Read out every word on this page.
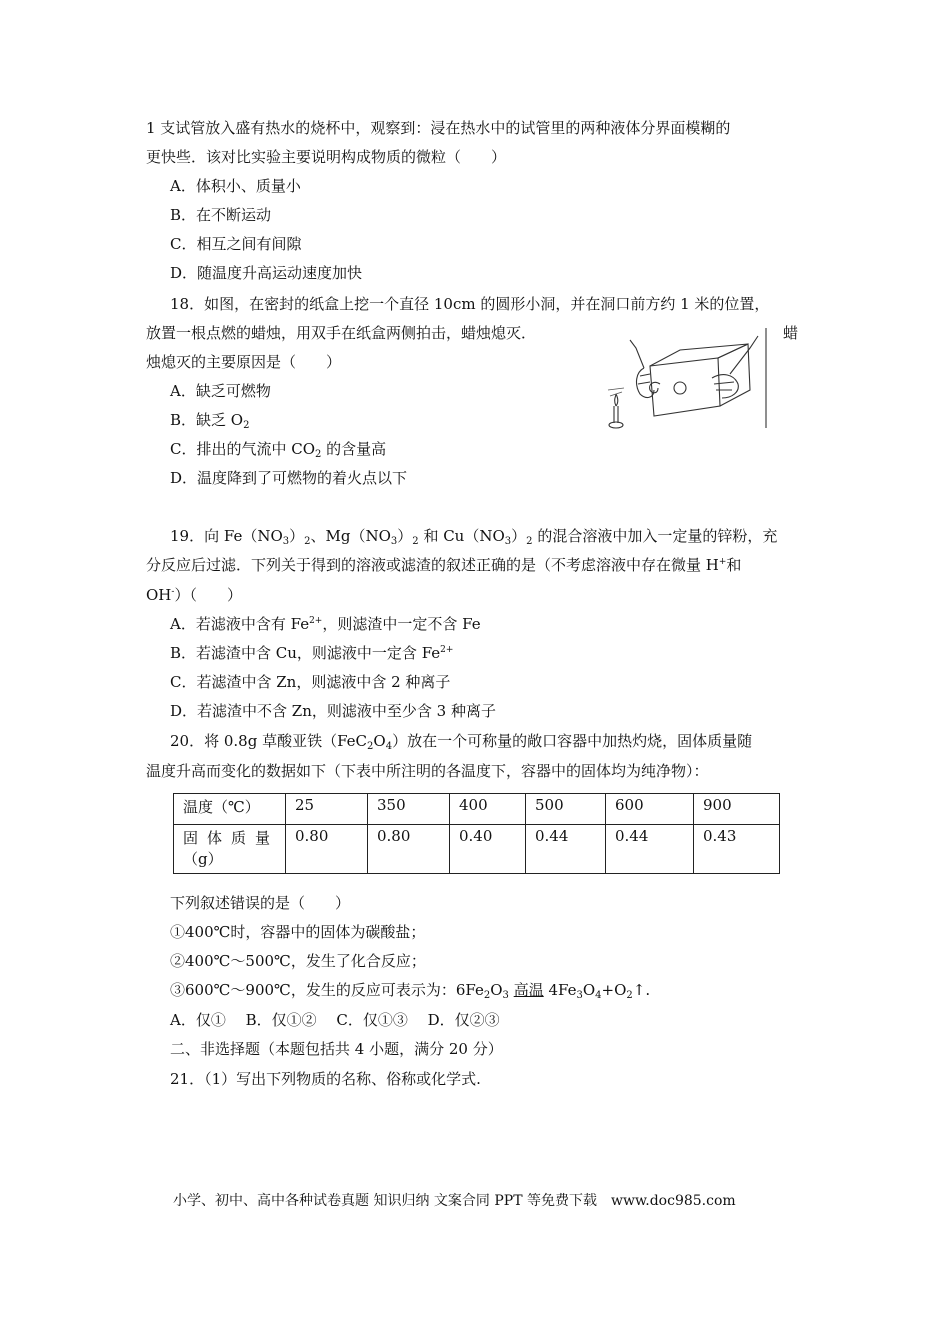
1 支试管放入盛有热水的烧杯中，观察到：浸在热水中的试管里的两种液体分界面模糊的
更快些．该对比实验主要说明构成物质的微粒（　　）
A．体积小、质量小
B．在不断运动
C．相互之间有间隙
D．随温度升高运动速度加快
18．如图，在密封的纸盒上挖一个直径 10cm 的圆形小洞，并在洞口前方约 1 米的位置，
放置一根点燃的蜡烛，用双手在纸盒两侧拍击，蜡烛熄灭．	蜡
烛熄灭的主要原因是（　　）
A．缺乏可燃物
B．缺乏 $O_2$
C．排出的气流中 $CO_2$ 的含量高
D．温度降到了可燃物的着火点以下
19．向 $Fe(NO_3)_2$、$Mg(NO_3)_2$ 和 $Cu(NO_3)_2$ 的混合溶液中加入一定量的锌粉，充
分反应后过滤．下列关于得到的溶液或滤渣的叙述正确的是（不考虑溶液中存在微量 H+和
OH-）（　　）
A．若滤液中含有 $Fe^{2+}$，则滤渣中一定不含 Fe
B．若滤渣中含 Cu，则滤液中一定含 $Fe^{2+}$
C．若滤渣中含 Zn，则滤液中含 2 种离子
D．若滤渣中不含 Zn，则滤液中至少含 3 种离子
20．将 0.8g 草酸亚铁$(FeC_2O_4)$放在一个可称量的敞口容器中加热灼烧，固体质量随
温度升高而变化的数据如下（下表中所注明的各温度下，容器中的固体均为纯净物）：
温度（℃）	25	350	400	500	600	900
固体质量
（g）	0.80	0.80	0.40	0.44	0.44	0.43
下列叙述错误的是（　　）
①400℃时，容器中的固体为碳酸盐；
②400℃～500℃，发生了化合反应；
③600℃～900℃，发生的反应可表示为：$6Fe_2O_3$ 高温 $4Fe_3O_4+O_2↑$.
A．仅①　 B．仅①②　 C．仅①③　 D．仅②③
二、非选择题（本题包括共 4 小题，满分 20 分）
21．（1）写出下列物质的名称、俗称或化学式.
小学、初中、高中各种试卷真题 知识归纳 文案合同 PPT 等免费下载　www.doc985.com
